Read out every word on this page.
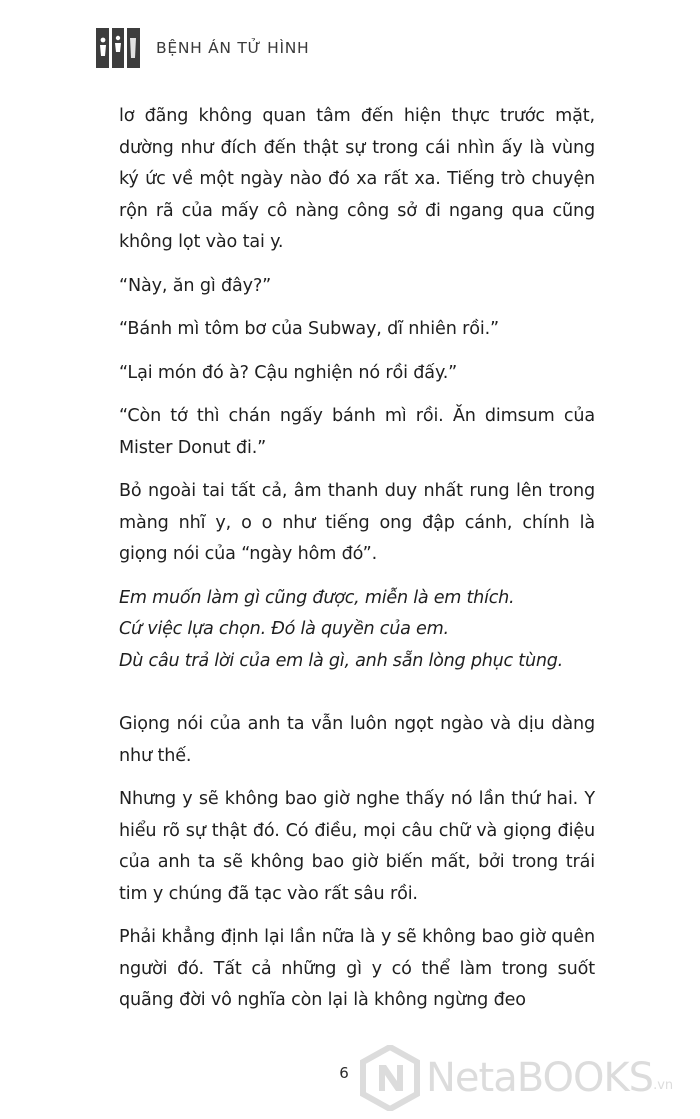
BỆNH ÁN TỬ HÌNH

lơ đãng không quan tâm đến hiện thực trước mặt, dường như đích đến thật sự trong cái nhìn ấy là vùng ký ức về một ngày nào đó xa rất xa. Tiếng trò chuyện rộn rã của mấy cô nàng công sở đi ngang qua cũng không lọt vào tai y.

“Này, ăn gì đây?”

“Bánh mì tôm bơ của Subway, dĩ nhiên rồi.”

“Lại món đó à? Cậu nghiện nó rồi đấy.”

“Còn tớ thì chán ngấy bánh mì rồi. Ăn dimsum của Mister Donut đi.”

Bỏ ngoài tai tất cả, âm thanh duy nhất rung lên trong màng nhĩ y, o o như tiếng ong đập cánh, chính là giọng nói của “ngày hôm đó”.

Em muốn làm gì cũng được, miễn là em thích.
Cứ việc lựa chọn. Đó là quyền của em.
Dù câu trả lời của em là gì, anh sẵn lòng phục tùng.

Giọng nói của anh ta vẫn luôn ngọt ngào và dịu dàng như thế.

Nhưng y sẽ không bao giờ nghe thấy nó lần thứ hai. Y hiểu rõ sự thật đó. Có điều, mọi câu chữ và giọng điệu của anh ta sẽ không bao giờ biến mất, bởi trong trái tim y chúng đã tạc vào rất sâu rồi.

Phải khẳng định lại lần nữa là y sẽ không bao giờ quên người đó. Tất cả những gì y có thể làm trong suốt quãng đời vô nghĩa còn lại là không ngừng đeo

6 NetaBOOKS.vn
